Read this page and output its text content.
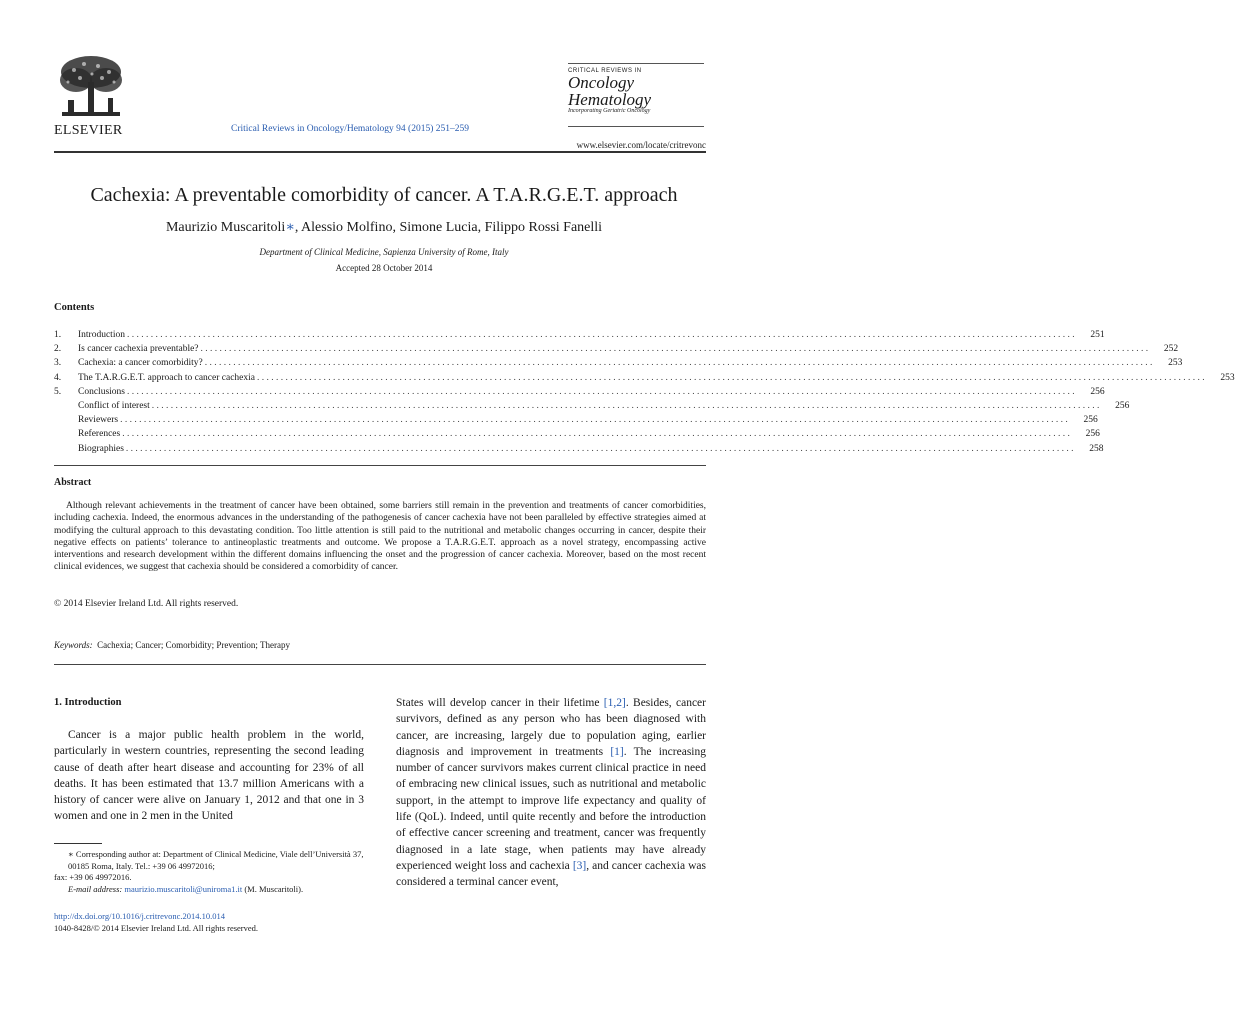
ELSEVIER	Critical Reviews in Oncology/Hematology 94 (2015) 251–259
CRITICAL REVIEWS IN
Oncology
Hematology
Incorporating Geriatric Oncology
www.elsevier.com/locate/critrevonc
Cachexia: A preventable comorbidity of cancer. A T.A.R.G.E.T. approach
Maurizio Muscaritoli∗, Alessio Molfino, Simone Lucia, Filippo Rossi Fanelli
Department of Clinical Medicine, Sapienza University of Rome, Italy
Accepted 28 October 2014
Contents
1.	Introduction . . . . . . . . . . . . . . . . . . . . . . . . . . . . . . . . . . . . . . . . . . . . . . . . . . . . . . . . . . . . . . . . . . . . . . . . . . . . . . . . . . . . . . . . . . . . . . . . . . . . . . . . . . . . . . . . . . . . . . . . . . . . . . . . . . . . . . . . . . . . . . . . . . . . . . . . . . . . . . . . . . . . . . . . . . . . . . . . . . . . . . . . . . . . . . . . . . . . . . . .	251
2.	Is cancer cachexia preventable? . . . . . . . . . . . . . . . . . . . . . . . . . . . . . . . . . . . . . . . . . . . . . . . . . . . . . . . . . . . . . . . . . . . . . . . . . . . . . . . . . . . . . . . . . . . . . . . . . . . . . . . . . . . . . . . . . . . . . . . . . . . . . . . . . . . . . . . . . . . . . . . . . . . . . . . . . . . . . . . . . . . . . . . . . . . . . . . . . . . . . . . . . . . . . . . . . . . . . . . .	252
3.	Cachexia: a cancer comorbidity? . . . . . . . . . . . . . . . . . . . . . . . . . . . . . . . . . . . . . . . . . . . . . . . . . . . . . . . . . . . . . . . . . . . . . . . . . . . . . . . . . . . . . . . . . . . . . . . . . . . . . . . . . . . . . . . . . . . . . . . . . . . . . . . . . . . . . . . . . . . . . . . . . . . . . . . . . . . . . . . . . . . . . . . . . . . . . . . . . . . . . . . . . . . . . . . . . . . . . . . .	253
4.	The T.A.R.G.E.T. approach to cancer cachexia . . . . . . . . . . . . . . . . . . . . . . . . . . . . . . . . . . . . . . . . . . . . . . . . . . . . . . . . . . . . . . . . . . . . . . . . . . . . . . . . . . . . . . . . . . . . . . . . . . . . . . . . . . . . . . . . . . . . . . . . . . . . . . . . . . . . . . . . . . . . . . . . . . . . . . . . . . . . . . . . . . . . . . . . . . . . . . . . . . . . . . . . . . . . . . . . . . . . . . . .	253
5.	Conclusions . . . . . . . . . . . . . . . . . . . . . . . . . . . . . . . . . . . . . . . . . . . . . . . . . . . . . . . . . . . . . . . . . . . . . . . . . . . . . . . . . . . . . . . . . . . . . . . . . . . . . . . . . . . . . . . . . . . . . . . . . . . . . . . . . . . . . . . . . . . . . . . . . . . . . . . . . . . . . . . . . . . . . . . . . . . . . . . . . . . . . . . . . . . . . . . . . . . . . . . .	256
Conflict of interest . . . . . . . . . . . . . . . . . . . . . . . . . . . . . . . . . . . . . . . . . . . . . . . . . . . . . . . . . . . . . . . . . . . . . . . . . . . . . . . . . . . . . . . . . . . . . . . . . . . . . . . . . . . . . . . . . . . . . . . . . . . . . . . . . . . . . . . . . . . . . . . . . . . . . . . . . . . . . . . . . . . . . . . . . . . . . . . . . . . . . . . . . . . . . . . . . . . . . . . .	256
Reviewers . . . . . . . . . . . . . . . . . . . . . . . . . . . . . . . . . . . . . . . . . . . . . . . . . . . . . . . . . . . . . . . . . . . . . . . . . . . . . . . . . . . . . . . . . . . . . . . . . . . . . . . . . . . . . . . . . . . . . . . . . . . . . . . . . . . . . . . . . . . . . . . . . . . . . . . . . . . . . . . . . . . . . . . . . . . . . . . . . . . . . . . . . . . . . . . . . . . . . . . .	256
References . . . . . . . . . . . . . . . . . . . . . . . . . . . . . . . . . . . . . . . . . . . . . . . . . . . . . . . . . . . . . . . . . . . . . . . . . . . . . . . . . . . . . . . . . . . . . . . . . . . . . . . . . . . . . . . . . . . . . . . . . . . . . . . . . . . . . . . . . . . . . . . . . . . . . . . . . . . . . . . . . . . . . . . . . . . . . . . . . . . . . . . . . . . . . . . . . . . . . . . .	256
Biographies . . . . . . . . . . . . . . . . . . . . . . . . . . . . . . . . . . . . . . . . . . . . . . . . . . . . . . . . . . . . . . . . . . . . . . . . . . . . . . . . . . . . . . . . . . . . . . . . . . . . . . . . . . . . . . . . . . . . . . . . . . . . . . . . . . . . . . . . . . . . . . . . . . . . . . . . . . . . . . . . . . . . . . . . . . . . . . . . . . . . . . . . . . . . . . . . . . . . . . . .	258
Abstract

Although relevant achievements in the treatment of cancer have been obtained, some barriers still remain in the prevention and treatments of cancer comorbidities, including cachexia. Indeed, the enormous advances in the understanding of the pathogenesis of cancer cachexia have not been paralleled by effective strategies aimed at modifying the cultural approach to this devastating condition. Too little attention is still paid to the nutritional and metabolic changes occurring in cancer, despite their negative effects on patients’ tolerance to antineoplastic treatments and outcome. We propose a T.A.R.G.E.T. approach as a novel strategy, encompassing active interventions and research development within the different domains influencing the onset and the progression of cancer cachexia. Moreover, based on the most recent clinical evidences, we suggest that cachexia should be considered a comorbidity of cancer.

© 2014 Elsevier Ireland Ltd. All rights reserved.
Keywords: Cachexia; Cancer; Comorbidity; Prevention; Therapy
1. Introduction

Cancer is a major public health problem in the world, particularly in western countries, representing the second leading cause of death after heart disease and accounting for 23% of all deaths. It has been estimated that 13.7 million Americans with a history of cancer were alive on January 1, 2012 and that one in 3 women and one in 2 men in the United

States will develop cancer in their lifetime [1,2]. Besides, cancer survivors, defined as any person who has been diagnosed with cancer, are increasing, largely due to population aging, earlier diagnosis and improvement in treatments [1]. The increasing number of cancer survivors makes current clinical practice in need of embracing new clinical issues, such as nutritional and metabolic support, in the attempt to improve life expectancy and quality of life (QoL). Indeed, until quite recently and before the introduction of effective cancer screening and treatment, cancer was frequently diagnosed in a late stage, when patients may have already experienced weight loss and cachexia [3], and cancer cachexia was considered a terminal cancer event,

∗ Corresponding author at: Department of Clinical Medicine, Viale dell’Università 37, 00185 Roma, Italy. Tel.: +39 06 49972016;
fax: +39 06 49972016.
E-mail address: maurizio.muscaritoli@uniroma1.it (M. Muscaritoli).
http://dx.doi.org/10.1016/j.critrevonc.2014.10.014
1040-8428/© 2014 Elsevier Ireland Ltd. All rights reserved.
